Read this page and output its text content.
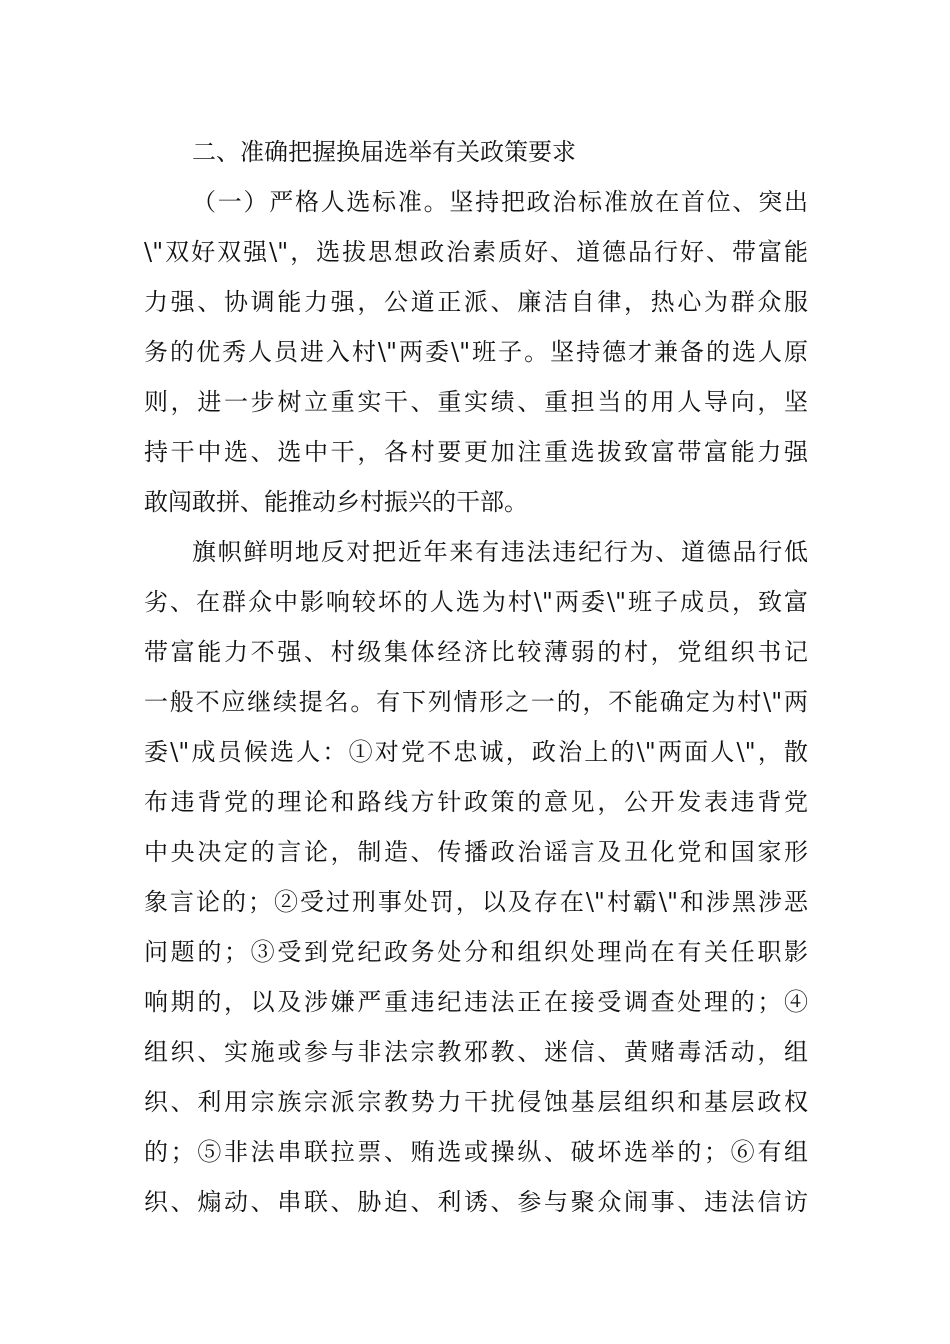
二、准确把握换届选举有关政策要求
（一）严格人选标准。坚持把政治标准放在首位、突出
\"双好双强\"，选拔思想政治素质好、道德品行好、带富能
力强、协调能力强，公道正派、廉洁自律，热心为群众服
务的优秀人员进入村\"两委\"班子。坚持德才兼备的选人原
则，进一步树立重实干、重实绩、重担当的用人导向，坚
持干中选、选中干，各村要更加注重选拔致富带富能力强
敢闯敢拼、能推动乡村振兴的干部。
旗帜鲜明地反对把近年来有违法违纪行为、道德品行低
劣、在群众中影响较坏的人选为村\"两委\"班子成员，致富
带富能力不强、村级集体经济比较薄弱的村，党组织书记
一般不应继续提名。有下列情形之一的，不能确定为村\"两
委\"成员候选人：①对党不忠诚，政治上的\"两面人\"，散
布违背党的理论和路线方针政策的意见，公开发表违背党
中央决定的言论，制造、传播政治谣言及丑化党和国家形
象言论的；②受过刑事处罚，以及存在\"村霸\"和涉黑涉恶
问题的；③受到党纪政务处分和组织处理尚在有关任职影
响期的，以及涉嫌严重违纪违法正在接受调查处理的；④
组织、实施或参与非法宗教邪教、迷信、黄赌毒活动，组
织、利用宗族宗派宗教势力干扰侵蚀基层组织和基层政权
的；⑤非法串联拉票、贿选或操纵、破坏选举的；⑥有组
织、煽动、串联、胁迫、利诱、参与聚众闹事、违法信访
